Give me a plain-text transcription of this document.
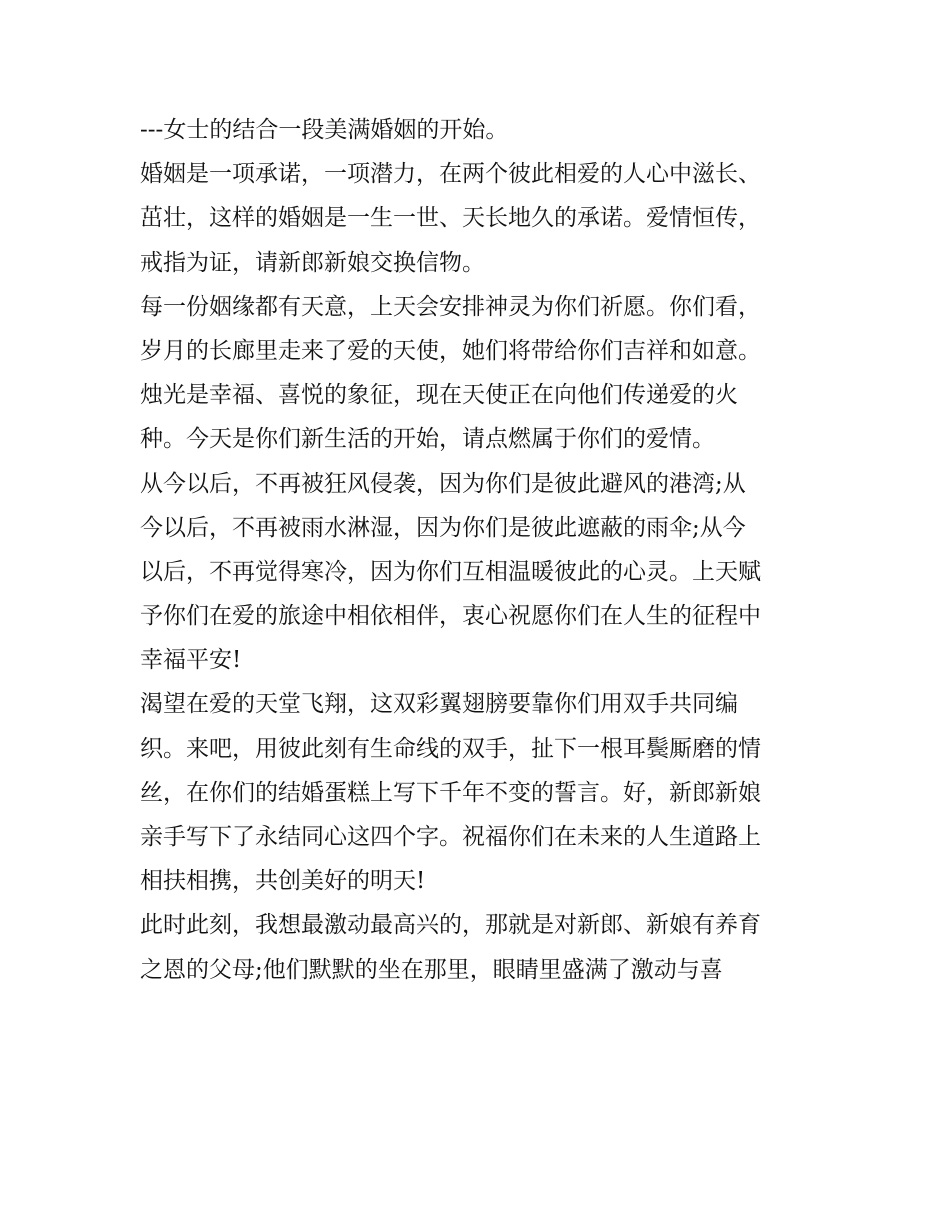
---女士的结合一段美满婚姻的开始。
婚姻是一项承诺，一项潜力，在两个彼此相爱的人心中滋长、
茁壮，这样的婚姻是一生一世、天长地久的承诺。爱情恒传，
戒指为证，请新郎新娘交换信物。
每一份姻缘都有天意，上天会安排神灵为你们祈愿。你们看，
岁月的长廊里走来了爱的天使，她们将带给你们吉祥和如意。
烛光是幸福、喜悦的象征，现在天使正在向他们传递爱的火
种。今天是你们新生活的开始，请点燃属于你们的爱情。
从今以后，不再被狂风侵袭，因为你们是彼此避风的港湾;从
今以后，不再被雨水淋湿，因为你们是彼此遮蔽的雨伞;从今
以后，不再觉得寒冷，因为你们互相温暖彼此的心灵。上天赋
予你们在爱的旅途中相依相伴，衷心祝愿你们在人生的征程中
幸福平安!
渴望在爱的天堂飞翔，这双彩翼翅膀要靠你们用双手共同编
织。来吧，用彼此刻有生命线的双手，扯下一根耳鬓厮磨的情
丝，在你们的结婚蛋糕上写下千年不变的誓言。好，新郎新娘
亲手写下了永结同心这四个字。祝福你们在未来的人生道路上
相扶相携，共创美好的明天!
此时此刻，我想最激动最高兴的，那就是对新郎、新娘有养育
之恩的父母;他们默默的坐在那里，眼睛里盛满了激动与喜
